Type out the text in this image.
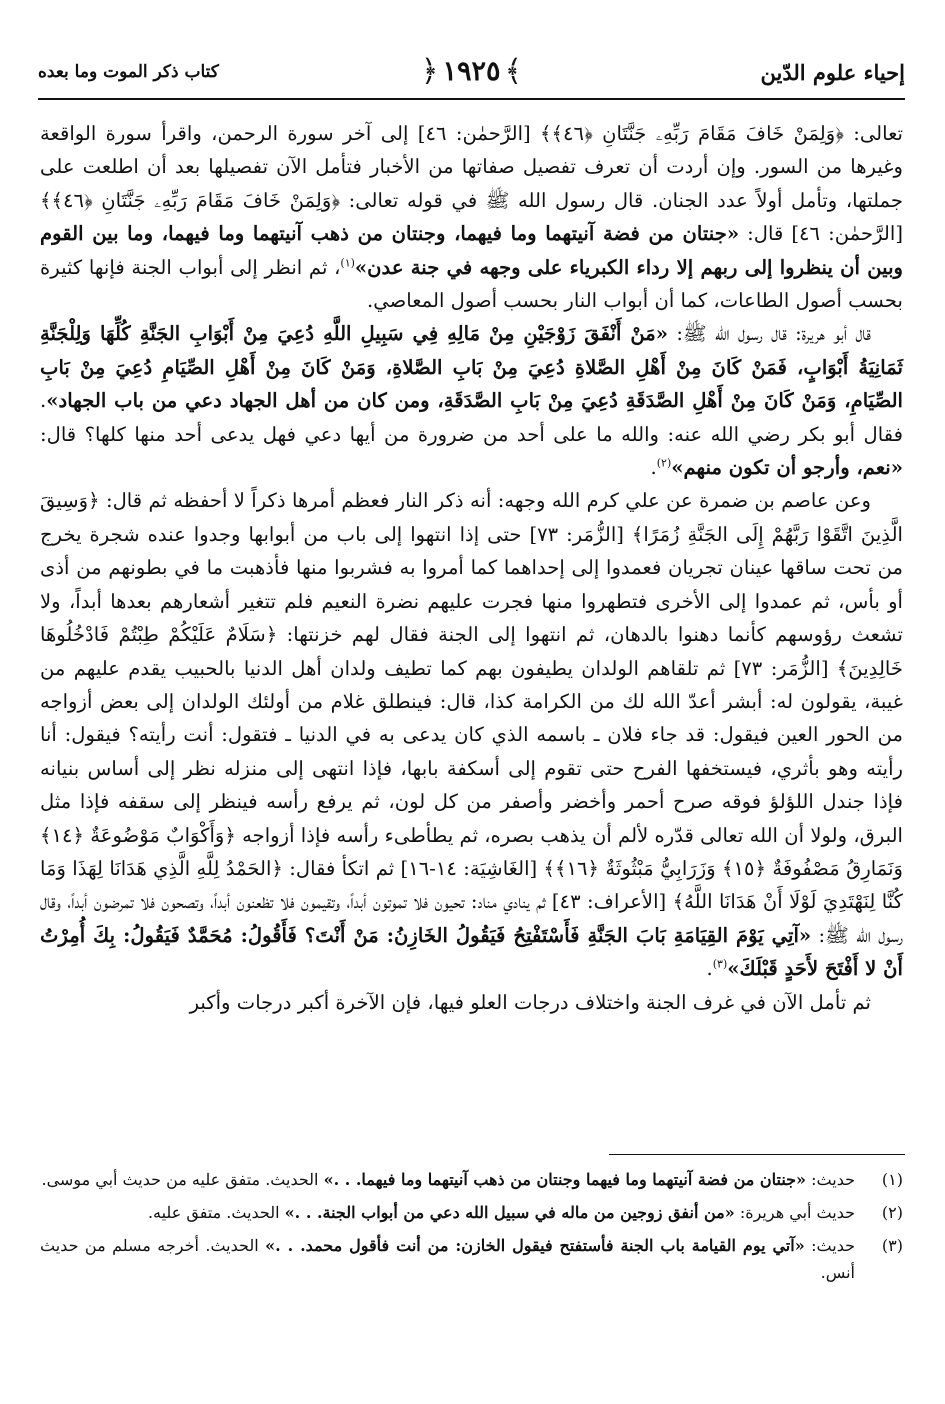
إحياء علوم الدّين
﴿ ١٩٢٥ ﴾
كتاب ذكر الموت وما بعده

تعالى: ﴿وَلِمَنْ خَافَ مَقَامَ رَبِّهِۦ جَنَّتَانِ ﴿٤٦﴾﴾ [الرَّحمٰن: ٤٦] إلى آخر سورة الرحمن، واقرأ سورة الواقعة وغيرها من السور. وإن أردت أن تعرف تفصيل صفاتها من الأخبار فتأمل الآن تفصيلها بعد أن اطلعت على جملتها، وتأمل أولاً عدد الجنان. قال رسول الله ﷺ في قوله تعالى: ﴿وَلِمَنْ خَافَ مَقَامَ رَبِّهِۦ جَنَّتَانِ ﴿٤٦﴾﴾ [الرَّحمٰن: ٤٦] قال: «جنتان من فضة آنيتهما وما فيهما، وجنتان من ذهب آنيتهما وما فيهما، وما بين القوم وبين أن ينظروا إلى ربهم إلا رداء الكبرياء على وجهه في جنة عدن»$^{(١)}$، ثم انظر إلى أبواب الجنة فإنها كثيرة بحسب أصول الطاعات، كما أن أبواب النار بحسب أصول المعاصي.

قال أبو هريرة: قال رسول الله ﷺ: «مَنْ أَنْفَقَ زَوْجَيْنِ مِنْ مَالِهِ فِي سَبِيلِ اللَّهِ دُعِيَ مِنْ أَبْوَابِ الجَنَّةِ كُلِّهَا وَلِلْجَنَّةِ ثَمَانِيَةُ أَبْوَابٍ، فَمَنْ كَانَ مِنْ أَهْلِ الصَّلاةِ دُعِيَ مِنْ بَابِ الصَّلاةِ، وَمَنْ كَانَ مِنْ أَهْلِ الصِّيَامِ دُعِيَ مِنْ بَابِ الصِّيَامِ، وَمَنْ كَانَ مِنْ أَهْلِ الصَّدَقَةِ دُعِيَ مِنْ بَابِ الصَّدَقَةِ، ومن كان من أهل الجهاد دعي من باب الجهاد». فقال أبو بكر رضي الله عنه: والله ما على أحد من ضرورة من أيها دعي فهل يدعى أحد منها كلها؟ قال: «نعم، وأرجو أن تكون منهم»$^{(٢)}$.

وعن عاصم بن ضمرة عن علي كرم الله وجهه: أنه ذكر النار فعظم أمرها ذكراً لا أحفظه ثم قال: ﴿وَسِيقَ الَّذِينَ اتَّقَوْا رَبَّهُمْ إِلَى الجَنَّةِ زُمَرًا﴾ [الزُّمَر: ٧٣] حتى إذا انتهوا إلى باب من أبوابها وجدوا عنده شجرة يخرج من تحت ساقها عينان تجريان فعمدوا إلى إحداهما كما أمروا به فشربوا منها فأذهبت ما في بطونهم من أذى أو بأس، ثم عمدوا إلى الأخرى فتطهروا منها فجرت عليهم نضرة النعيم فلم تتغير أشعارهم بعدها أبداً، ولا تشعث رؤوسهم كأنما دهنوا بالدهان، ثم انتهوا إلى الجنة فقال لهم خزنتها: ﴿سَلَامٌ عَلَيْكُمْ طِبْتُمْ فَادْخُلُوهَا خَالِدِينَ﴾ [الزُّمَر: ٧٣] ثم تلقاهم الولدان يطيفون بهم كما تطيف ولدان أهل الدنيا بالحبيب يقدم عليهم من غيبة، يقولون له: أبشر أعدّ الله لك من الكرامة كذا، قال: فينطلق غلام من أولئك الولدان إلى بعض أزواجه من الحور العين فيقول: قد جاء فلان ـ باسمه الذي كان يدعى به في الدنيا ـ فتقول: أنت رأيته؟ فيقول: أنا رأيته وهو بأثري، فيستخفها الفرح حتى تقوم إلى أسكفة بابها، فإذا انتهى إلى منزله نظر إلى أساس بنيانه فإذا جندل اللؤلؤ فوقه صرح أحمر وأخضر وأصفر من كل لون، ثم يرفع رأسه فينظر إلى سقفه فإذا مثل البرق، ولولا أن الله تعالى قدّره لألم أن يذهب بصره، ثم يطأطىء رأسه فإذا أزواجه ﴿وَأَكْوَابٌ مَوْضُوعَةٌ ﴿١٤﴾ وَنَمَارِقُ مَصْفُوفَةٌ ﴿١٥﴾ وَزَرَابِيُّ مَبْثُوثَةٌ ﴿١٦﴾﴾ [الغَاشِيَة: ١٤-١٦] ثم اتكأ فقال: ﴿الحَمْدُ لِلَّهِ الَّذِي هَدَانَا لِهَذَا وَمَا كُنَّا لِنَهْتَدِيَ لَوْلَا أَنْ هَدَانَا اللَّهُ﴾ [الأعراف: ٤٣] ثم ينادي مناد: تحيون فلا تموتون أبداً، وتقيمون فلا تظعنون أبداً، وتصحون فلا تمرضون أبداً، وقال رسول الله ﷺ: «آتِي يَوْمَ القِيَامَةِ بَابَ الجَنَّةِ فَأَسْتَفْتِحُ فَيَقُولُ الخَازِنُ: مَنْ أَنْتَ؟ فَأَقُولُ: مُحَمَّدٌ فَيَقُولُ: بِكَ أُمِرْتُ أَنْ لا أَفْتَحَ لأَحَدٍ قَبْلَكَ»$^{(٣)}$.

ثم تأمل الآن في غرف الجنة واختلاف درجات العلو فيها، فإن الآخرة أكبر درجات وأكبر

(١)
حديث: «جنتان من فضة آنيتهما وما فيهما وجنتان من ذهب آنيتهما وما فيهما. . .» الحديث. متفق عليه من حديث أبي موسى.
(٢)
حديث أبي هريرة: «من أنفق زوجين من ماله في سبيل الله دعي من أبواب الجنة. . .» الحديث. متفق عليه.
(٣)
حديث: «آتي يوم القيامة باب الجنة فأستفتح فيقول الخازن: من أنت فأقول محمد. . .» الحديث. أخرجه مسلم من حديث أنس.
